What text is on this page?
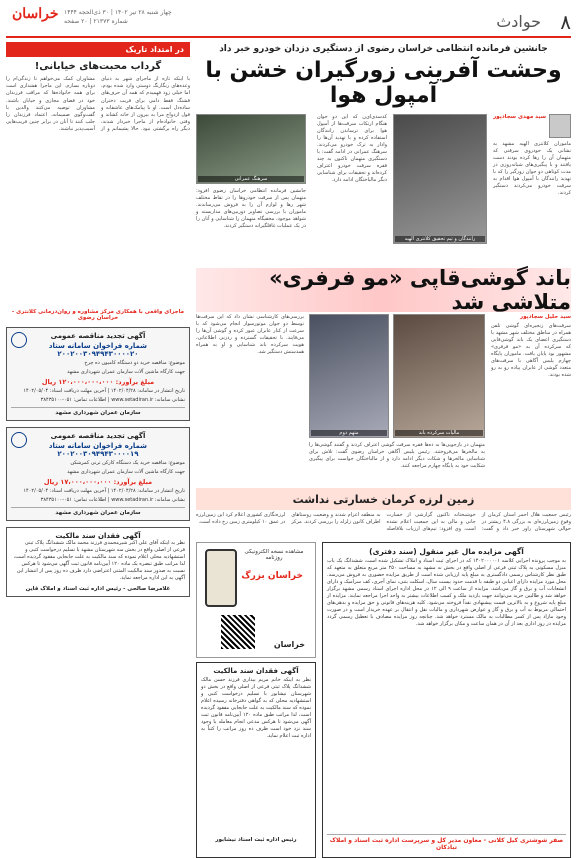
۸
حوادث
خراسان چهار شنبه ۲۸ تیر ۱۴۰۲ | ۳۰ ذی‌الحجه ۱۴۴۴
شماره ۲۱۳۷۳ | ۲۰ صفحه
در امتداد تاریک
گرداب محبت‌های خیابانی!
با اینکه تازه از ماجرای شهر به دنیای وعده‌های رنگارنگ دوستی وارد شده بودم، اما خیلی زود فهمیدم که همه آن حرف‌های قشنگ فقط دامی برای فریب دختران ساده‌دل است. او با پیامک‌های عاشقانه و قول ازدواج مرا به بیرون از خانه کشاند و وقتی خانواده‌ام از ماجرا خبردار شدند، دیگر راه برگشتی نبود. حالا پشیمانم و از مشاوران کمک می‌خواهم تا زندگی‌ام را دوباره بسازم. این ماجرا هشداری است برای همه خانواده‌ها که مراقب فرزندان خود در فضای مجازی و خیابان باشند. مشاوران توصیه می‌کنند والدین با گفت‌وگوی صمیمانه، اعتماد فرزندان را جلب کنند تا آنان در برابر چنین فریب‌هایی آسیب‌پذیر نباشند.
ماجرای واقعی با همکاری مرکز مشاوره و روان‌درمانی کلانتری - خراسان رضوی
آگهی تجدید مناقصه عمومی
شماره فراخوان سامانه ستاد ۲۰۰۲۰۰۳۰۹۴۹۴۳۰۰۰۰۲۰
موضوع: مناقصه خرید دو دستگاه کامیون ده چرخ
جهت کارگاه ماشین آلات سازمان عمران شهرداری مشهد
مبلغ برآورد: ۱۲۰،۰۰۰،۰۰۰،۰۰۰ ریال
تاریخ انتشار در سامانه: ۱۴۰۲/۰۴/۲۸ | آخرین مهلت دریافت اسناد: ۱۴۰۲/۰۵/۰۴
نشانی سامانه: www.setadiran.ir | اطلاعات تماس: ۰۵۱-۳۸۴۳۵۱۰۰
سازمان عمران شهرداری مشهد
آگهی تجدید مناقصه عمومی
شماره فراخوان سامانه ستاد ۲۰۰۲۰۰۳۰۹۴۹۴۳۰۰۰۰۱۹
موضوع: مناقصه خرید یک دستگاه کارکن ترنی کمرشکن
جهت کارگاه ماشین آلات سازمان عمران شهرداری مشهد
مبلغ برآورد: ۱۷،۰۰۰،۰۰۰،۰۰۰ ریال
تاریخ انتشار در سامانه: ۱۴۰۲/۰۴/۲۸ | آخرین مهلت دریافت اسناد: ۱۴۰۲/۰۵/۰۴
نشانی سامانه: www.setadiran.ir | اطلاعات تماس: ۰۵۱-۳۸۴۳۵۱۰۰
سازمان عمران شهرداری مشهد
آگهی فقدان سند مالکیت
نظر به اینکه آقای علی اکبر شیرمحمدی فرزند محمد مالک ششدانگ پلاک ثبتی فرعی از اصلی واقع در بخش سه شهرستان مشهد با تسلیم درخواست کتبی و استشهادیه محلی اعلام نموده که سند مالکیت به علت جابجایی مفقود گردیده است، لذا مراتب طبق تبصره یک ماده ۱۲۰ آیین‌نامه قانون ثبت آگهی می‌شود تا هرکس نسبت به صدور سند مالکیت المثنی اعتراضی دارد ظرف ده روز پس از انتشار این آگهی به این اداره مراجعه نماید.
غلامرضا صالحی - رئیس اداره ثبت اسناد و املاک قاین
جانشین فرمانده انتظامی خراسان رضوی از دستگیری دزدان خودرو خبر داد
وحشت آفرینی زورگیران خشن با آمپول هوا
سید مهدی سجادپور
ماموران کلانتری الهیه مشهد به نشانی یک خودروی سرقتی که متهمان آن را رها کرده بودند دست یافتند و با پیگیری‌های شبانه‌روزی در مدت کوتاهی دو جوان زورگیر را که با تهدید رانندگان با آمپول هوا اقدام به سرقت خودرو می‌کردند دستگیر کردند.
رانندگان و تیم تحقیق کلانتری الهیه
کدسدی‌ای‌ن که این دو جوان هنگام ارتکاب سرقت‌ها از آمپول هوا برای ترساندن رانندگان استفاده کرده و با تهدید آن‌ها را وادار به ترک خودرو می‌کردند. سرهنگ عمرانی در ادامه گفت: با دستگیری متهمان تاکنون به چند فقره سرقت خودرو اعتراف کرده‌اند و تحقیقات برای شناسایی دیگر مالباختگان ادامه دارد.
سرهنگ عمرانی
جانشین فرمانده انتظامی خراسان رضوی افزود: متهمان پس از سرقت خودروها را در نقاط مختلف شهر رها و لوازم آن را به فروش می‌رساندند. ماموران با بررسی تصاویر دوربین‌های مداربسته و شواهد موجود، مخفیگاه متهمان را شناسایی و آنان را در یک عملیات غافلگیرانه دستگیر کردند.
باند گوشی‌قاپی «مو فرفری» متلاشی شد
سید حلیل سجادپور
سرقت‌های زنجیره‌ای گوشی تلفن همراه در مناطق مختلف شهر مشهد با دستگیری اعضای یک باند گوشی‌قاپی که سرکرده آن به «مو فرفری» مشهور بود پایان یافت. ماموران پایگاه چهارم پلیس آگاهی با سرقت‌های متعدد گوشی از عابران پیاده رو به رو شده بودند.
مالیات سرکرده باند
متهم دوم
بررسی‌های کارشناسی نشان داد که این سرقت‌ها توسط دو جوان موتورسوار انجام می‌شود که با سرعت از کنار عابران عبور کرده و گوشی آن‌ها را می‌قاپند. با تحقیقات گسترده و ردزنی اطلاعاتی، هویت سرکرده باند شناسایی و او به همراه همدستش دستگیر شد.
متهمان در بازجویی‌ها به ده‌ها فقره سرقت گوشی اعتراف کردند و گفتند گوشی‌ها را به مالخرها می‌فروختند. رئیس پلیس آگاهی خراسان رضوی گفت: تلاش برای شناسایی مالخرها و شکات دیگر ادامه دارد و از مالباختگان خواست برای پیگیری شکایت خود به پایگاه چهارم مراجعه کنند.
زمین لرزه کرمان خسارتی نداشت
رئیس جمعیت هلال احمر استان کرمان از وقوع زمین‌لرزه‌ای به بزرگی ۴.۸ ریشتر در حوالی شهرستان راور خبر داد و گفت: خوشبختانه تاکنون گزارشی از خسارت جانی و مالی به این جمعیت اعلام نشده است. وی افزود: تیم‌های ارزیاب بلافاصله به منطقه اعزام شدند و وضعیت روستاهای اطراف کانون زلزله را بررسی کردند. مرکز لرزه‌نگاری کشوری اعلام کرد این زمین‌لرزه در عمق ۱۰ کیلومتری زمین رخ داده است.
مشاهده نسخه الکترونیکی روزنامه
خراسان بزرگ
خراسان
آگهی مزایده مال غیر منقول (سند دفتری)
به موجب پرونده اجرایی کلاسه ۱۴۰۲۰۰۰۰۰۱ که در اجرای ثبت اسناد و املاک تشکیل شده است، ششدانگ یک باب منزل مسکونی به پلاک ثبتی فرعی از اصلی واقع در بخش نه مشهد به مساحت ۲۵۰ متر مربع متعلق به متعهد که طبق نظر کارشناس رسمی دادگستری به مبلغ پایه ارزیابی شده است از طریق مزایده حضوری به فروش می‌رسد. محل مورد مزایده دارای اعیانی دو طبقه با قدمت حدود بیست سال، اسکلت بتنی، نمای آجری، کف سرامیک و دارای انشعابات آب و برق و گاز می‌باشد. مزایده از ساعت ۹ الی ۱۲ در محل اداره اجرای اسناد رسمی مشهد برگزار خواهد شد و طالبین خرید می‌توانند جهت بازدید ملک و کسب اطلاعات بیشتر به واحد اجرا مراجعه نمایند. مزایده از مبلغ پایه شروع و به بالاترین قیمت پیشنهادی نقداً فروخته می‌شود. کلیه هزینه‌های قانونی و حق مزایده و بدهی‌های احتمالی مربوط به آب و برق و گاز و عوارض شهرداری و مالیات نقل و انتقال بر عهده خریدار است و در صورت وجود مازاد پس از کسر مطالبات به مالک مسترد خواهد شد. چنانچه روز مزایده مصادف با تعطیل رسمی گردد مزایده در روز اداری بعد از آن در همان ساعت و مکان برگزار خواهد شد.
صفر شوشتری کیل کلانی - معاون مدیر کل و سرپرست اداره ثبت اسناد و املاک تبادکان
آگهی فقدان سند مالکیت
نظر به اینکه خانم مریم بیداری فرزند حسن مالک ششدانگ پلاک ثبتی فرعی از اصلی واقع در بخش دو شهرستان نیشابور با تسلیم درخواست کتبی و استشهادیه محلی که به گواهی دفترخانه رسیده اعلام نموده که سند مالکیت به علت جابجایی مفقود گردیده است، لذا مراتب طبق ماده ۱۲۰ آیین‌نامه قانون ثبت آگهی می‌شود تا هرکس مدعی انجام معامله یا وجود سند نزد خود است ظرف ده روز مراتب را کتباً به اداره ثبت اعلام نماید.
رئیس اداره ثبت اسناد نیشابور
